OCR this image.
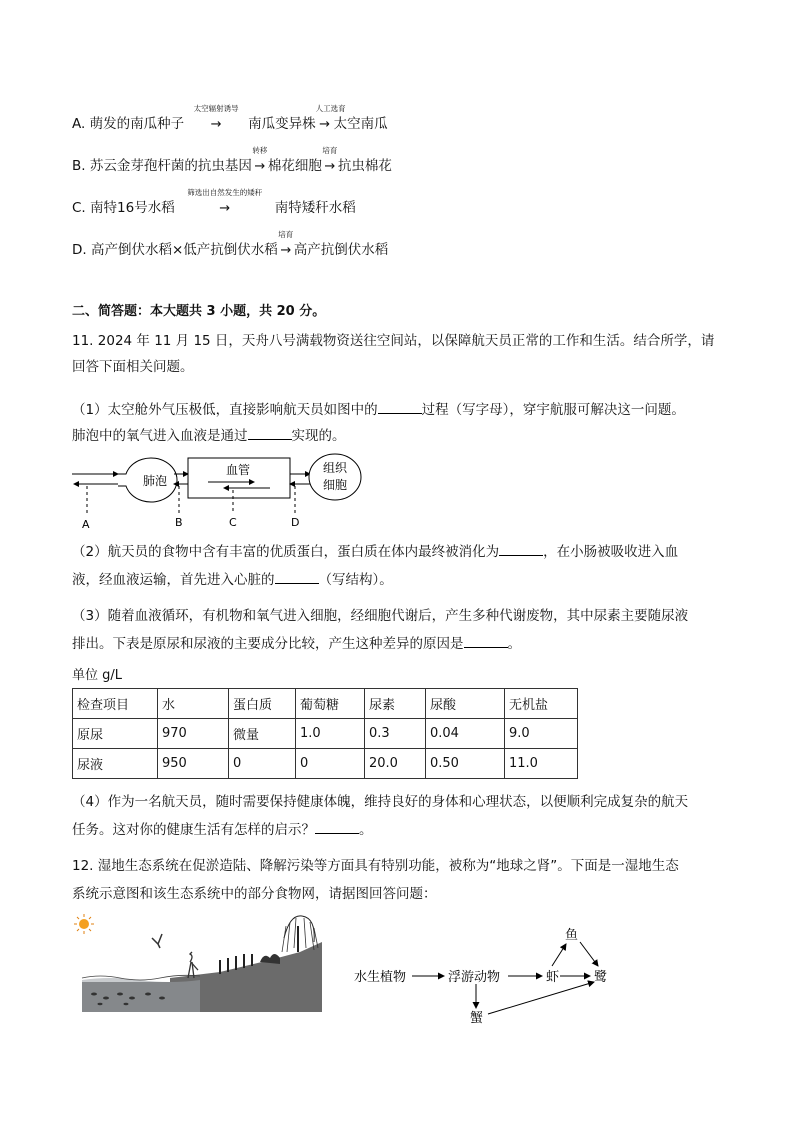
A. 萌发的南瓜种子
太空辐射诱导
→ 南瓜变异株
人工选育
→ 太空南瓜
B. 苏云金芽孢杆菌的抗虫基因
转移
→ 棉花细胞
培育
→ 抗虫棉花
C. 南特16号水稻
筛选出自然发生的矮秆
→	南特矮秆水稻
D. 高产倒伏水稻×低产抗倒伏水稻
培育
→ 高产抗倒伏水稻
二、简答题：本大题共 3 小题，共 20 分。
11. 2024 年 11 月 15 日，天舟八号满载物资送往空间站，以保障航天员正常的工作和生活。结合所学，请回答下面相关问题。
（1）太空舱外气压极低，直接影响航天员如图中的	过程（写字母），穿宇航服可解决这一问题。
肺泡中的氧气进入血液是通过	实现的。
肺泡
血管	组织
细胞
A	B	C	D
（2）航天员的食物中含有丰富的优质蛋白，蛋白质在体内最终被消化为	，在小肠被吸收进入血
液，经血液运输，首先进入心脏的	（写结构）。
（3）随着血液循环，有机物和氧气进入细胞，经细胞代谢后，产生多种代谢废物，其中尿素主要随尿液
排出。下表是原尿和尿液的主要成分比较，产生这种差异的原因是	。
单位 g/L
检查项目	水	蛋白质	葡萄糖	尿素	尿酸	无机盐
原尿	970	微量	1.0	0.3	0.04	9.0
尿液	950	0	0	20.0	0.50	11.0
（4）作为一名航天员，随时需要保持健康体魄，维持良好的身体和心理状态，以便顺利完成复杂的航天
任务。这对你的健康生活有怎样的启示？	。
12. 湿地生态系统在促淤造陆、降解污染等方面具有特别功能，被称为“地球之肾”。下面是一湿地生态
系统示意图和该生态系统中的部分食物网，请据图回答问题：
水生植物	浮游动物	虾
鱼
鹭
蟹
